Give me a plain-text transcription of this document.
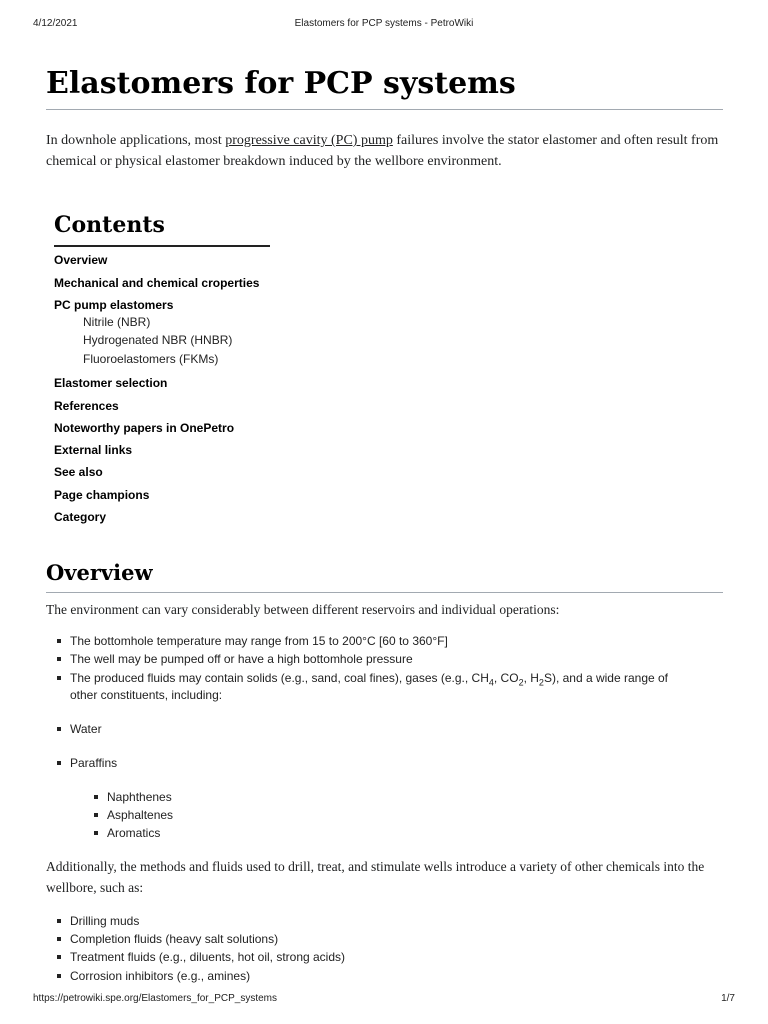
4/12/2021	Elastomers for PCP systems - PetroWiki
Elastomers for PCP systems

In downhole applications, most progressive cavity (PC) pump failures involve the stator elastomer and often result from chemical or physical elastomer breakdown induced by the wellbore environment.

Contents
Overview
Mechanical and chemical croperties
PC pump elastomers
Nitrile (NBR)
Hydrogenated NBR (HNBR)
Fluoroelastomers (FKMs)
Elastomer selection
References
Noteworthy papers in OnePetro
External links
See also
Page champions
Category
Overview

The environment can vary considerably between different reservoirs and individual operations:

The bottomhole temperature may range from 15 to 200°C [60 to 360°F]
The well may be pumped off or have a high bottomhole pressure
The produced fluids may contain solids (e.g., sand, coal fines), gases (e.g., $CH_4$, $CO_2$, $H_2S$), and a wide range of
other constituents, including:
Water
Paraffins
Naphthenes
Asphaltenes
Aromatics

Additionally, the methods and fluids used to drill, treat, and stimulate wells introduce a variety of other chemicals into the wellbore, such as:

Drilling muds
Completion fluids (heavy salt solutions)
Treatment fluids (e.g., diluents, hot oil, strong acids)
Corrosion inhibitors (e.g., amines)
https://petrowiki.spe.org/Elastomers_for_PCP_systems	1/7
